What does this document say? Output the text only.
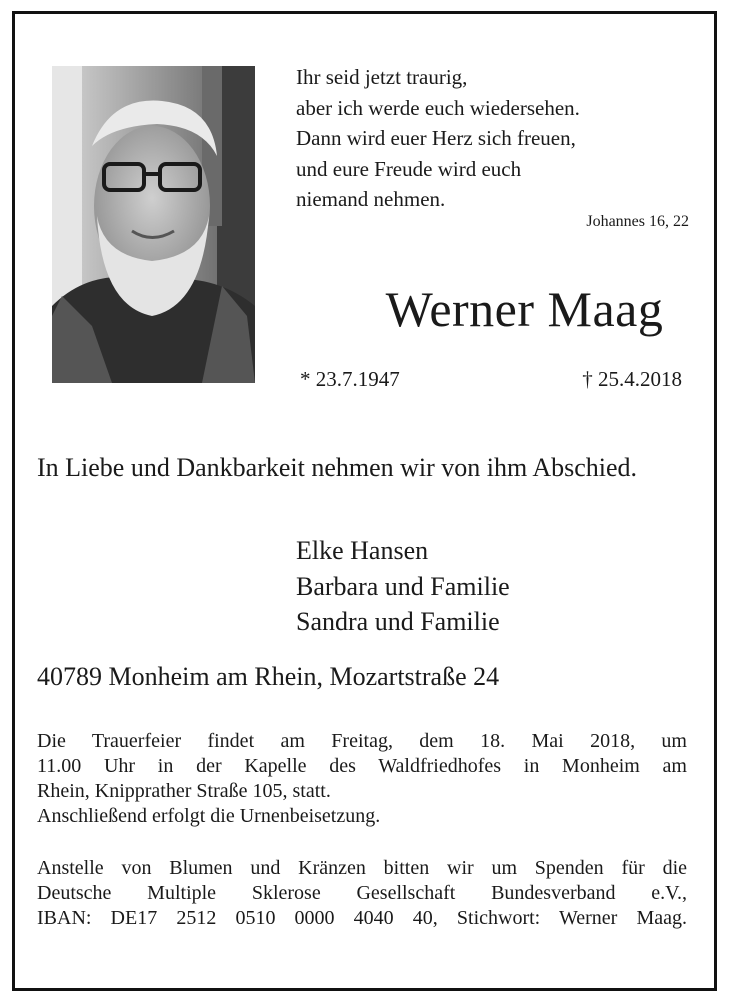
Ihr seid jetzt traurig,
aber ich werde euch wiedersehen.
Dann wird euer Herz sich freuen,
und eure Freude wird euch
niemand nehmen.
Johannes 16, 22
Werner Maag
* 23.7.1947	† 25.4.2018
In Liebe und Dankbarkeit nehmen wir von ihm Abschied.
Elke Hansen
Barbara und Familie
Sandra und Familie
40789 Monheim am Rhein, Mozartstraße 24
Die Trauerfeier findet am Freitag, dem 18. Mai 2018, um
11.00 Uhr in der Kapelle des Waldfriedhofes in Monheim am
Rhein, Knipprather Straße 105, statt.
Anschließend erfolgt die Urnenbeisetzung.
Anstelle von Blumen und Kränzen bitten wir um Spenden für die
Deutsche Multiple Sklerose Gesellschaft Bundesverband e.V.,
IBAN: DE17 2512 0510 0000 4040 40, Stichwort: Werner Maag.
